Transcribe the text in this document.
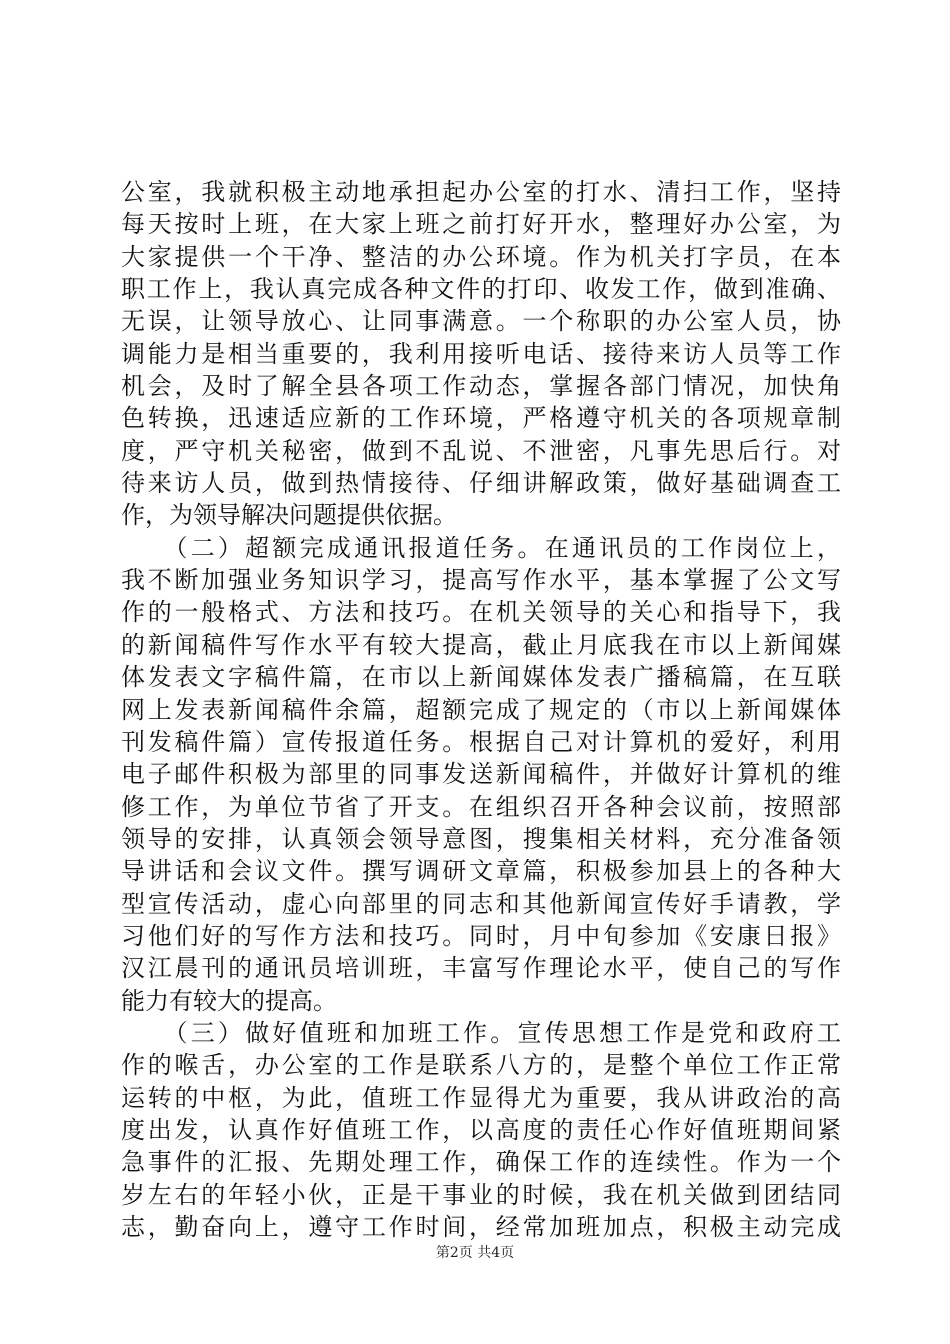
公室，我就积极主动地承担起办公室的打水、清扫工作，坚持
每天按时上班，在大家上班之前打好开水，整理好办公室，为
大家提供一个干净、整洁的办公环境。作为机关打字员，在本
职工作上，我认真完成各种文件的打印、收发工作，做到准确、
无误，让领导放心、让同事满意。一个称职的办公室人员，协
调能力是相当重要的，我利用接听电话、接待来访人员等工作
机会，及时了解全县各项工作动态，掌握各部门情况，加快角
色转换，迅速适应新的工作环境，严格遵守机关的各项规章制
度，严守机关秘密，做到不乱说、不泄密，凡事先思后行。对
待来访人员，做到热情接待、仔细讲解政策，做好基础调查工
作，为领导解决问题提供依据。
　　（二）超额完成通讯报道任务。在通讯员的工作岗位上，
我不断加强业务知识学习，提高写作水平，基本掌握了公文写
作的一般格式、方法和技巧。在机关领导的关心和指导下，我
的新闻稿件写作水平有较大提高，截止月底我在市以上新闻媒
体发表文字稿件篇，在市以上新闻媒体发表广播稿篇，在互联
网上发表新闻稿件余篇，超额完成了规定的（市以上新闻媒体
刊发稿件篇）宣传报道任务。根据自己对计算机的爱好，利用
电子邮件积极为部里的同事发送新闻稿件，并做好计算机的维
修工作，为单位节省了开支。在组织召开各种会议前，按照部
领导的安排，认真领会领导意图，搜集相关材料，充分准备领
导讲话和会议文件。撰写调研文章篇，积极参加县上的各种大
型宣传活动，虚心向部里的同志和其他新闻宣传好手请教，学
习他们好的写作方法和技巧。同时，月中旬参加《安康日报》
汉江晨刊的通讯员培训班，丰富写作理论水平，使自己的写作
能力有较大的提高。
　　（三）做好值班和加班工作。宣传思想工作是党和政府工
作的喉舌，办公室的工作是联系八方的，是整个单位工作正常
运转的中枢，为此，值班工作显得尤为重要，我从讲政治的高
度出发，认真作好值班工作，以高度的责任心作好值班期间紧
急事件的汇报、先期处理工作，确保工作的连续性。作为一个
岁左右的年轻小伙，正是干事业的时候，我在机关做到团结同
志，勤奋向上，遵守工作时间，经常加班加点，积极主动完成
第2页 共4页
